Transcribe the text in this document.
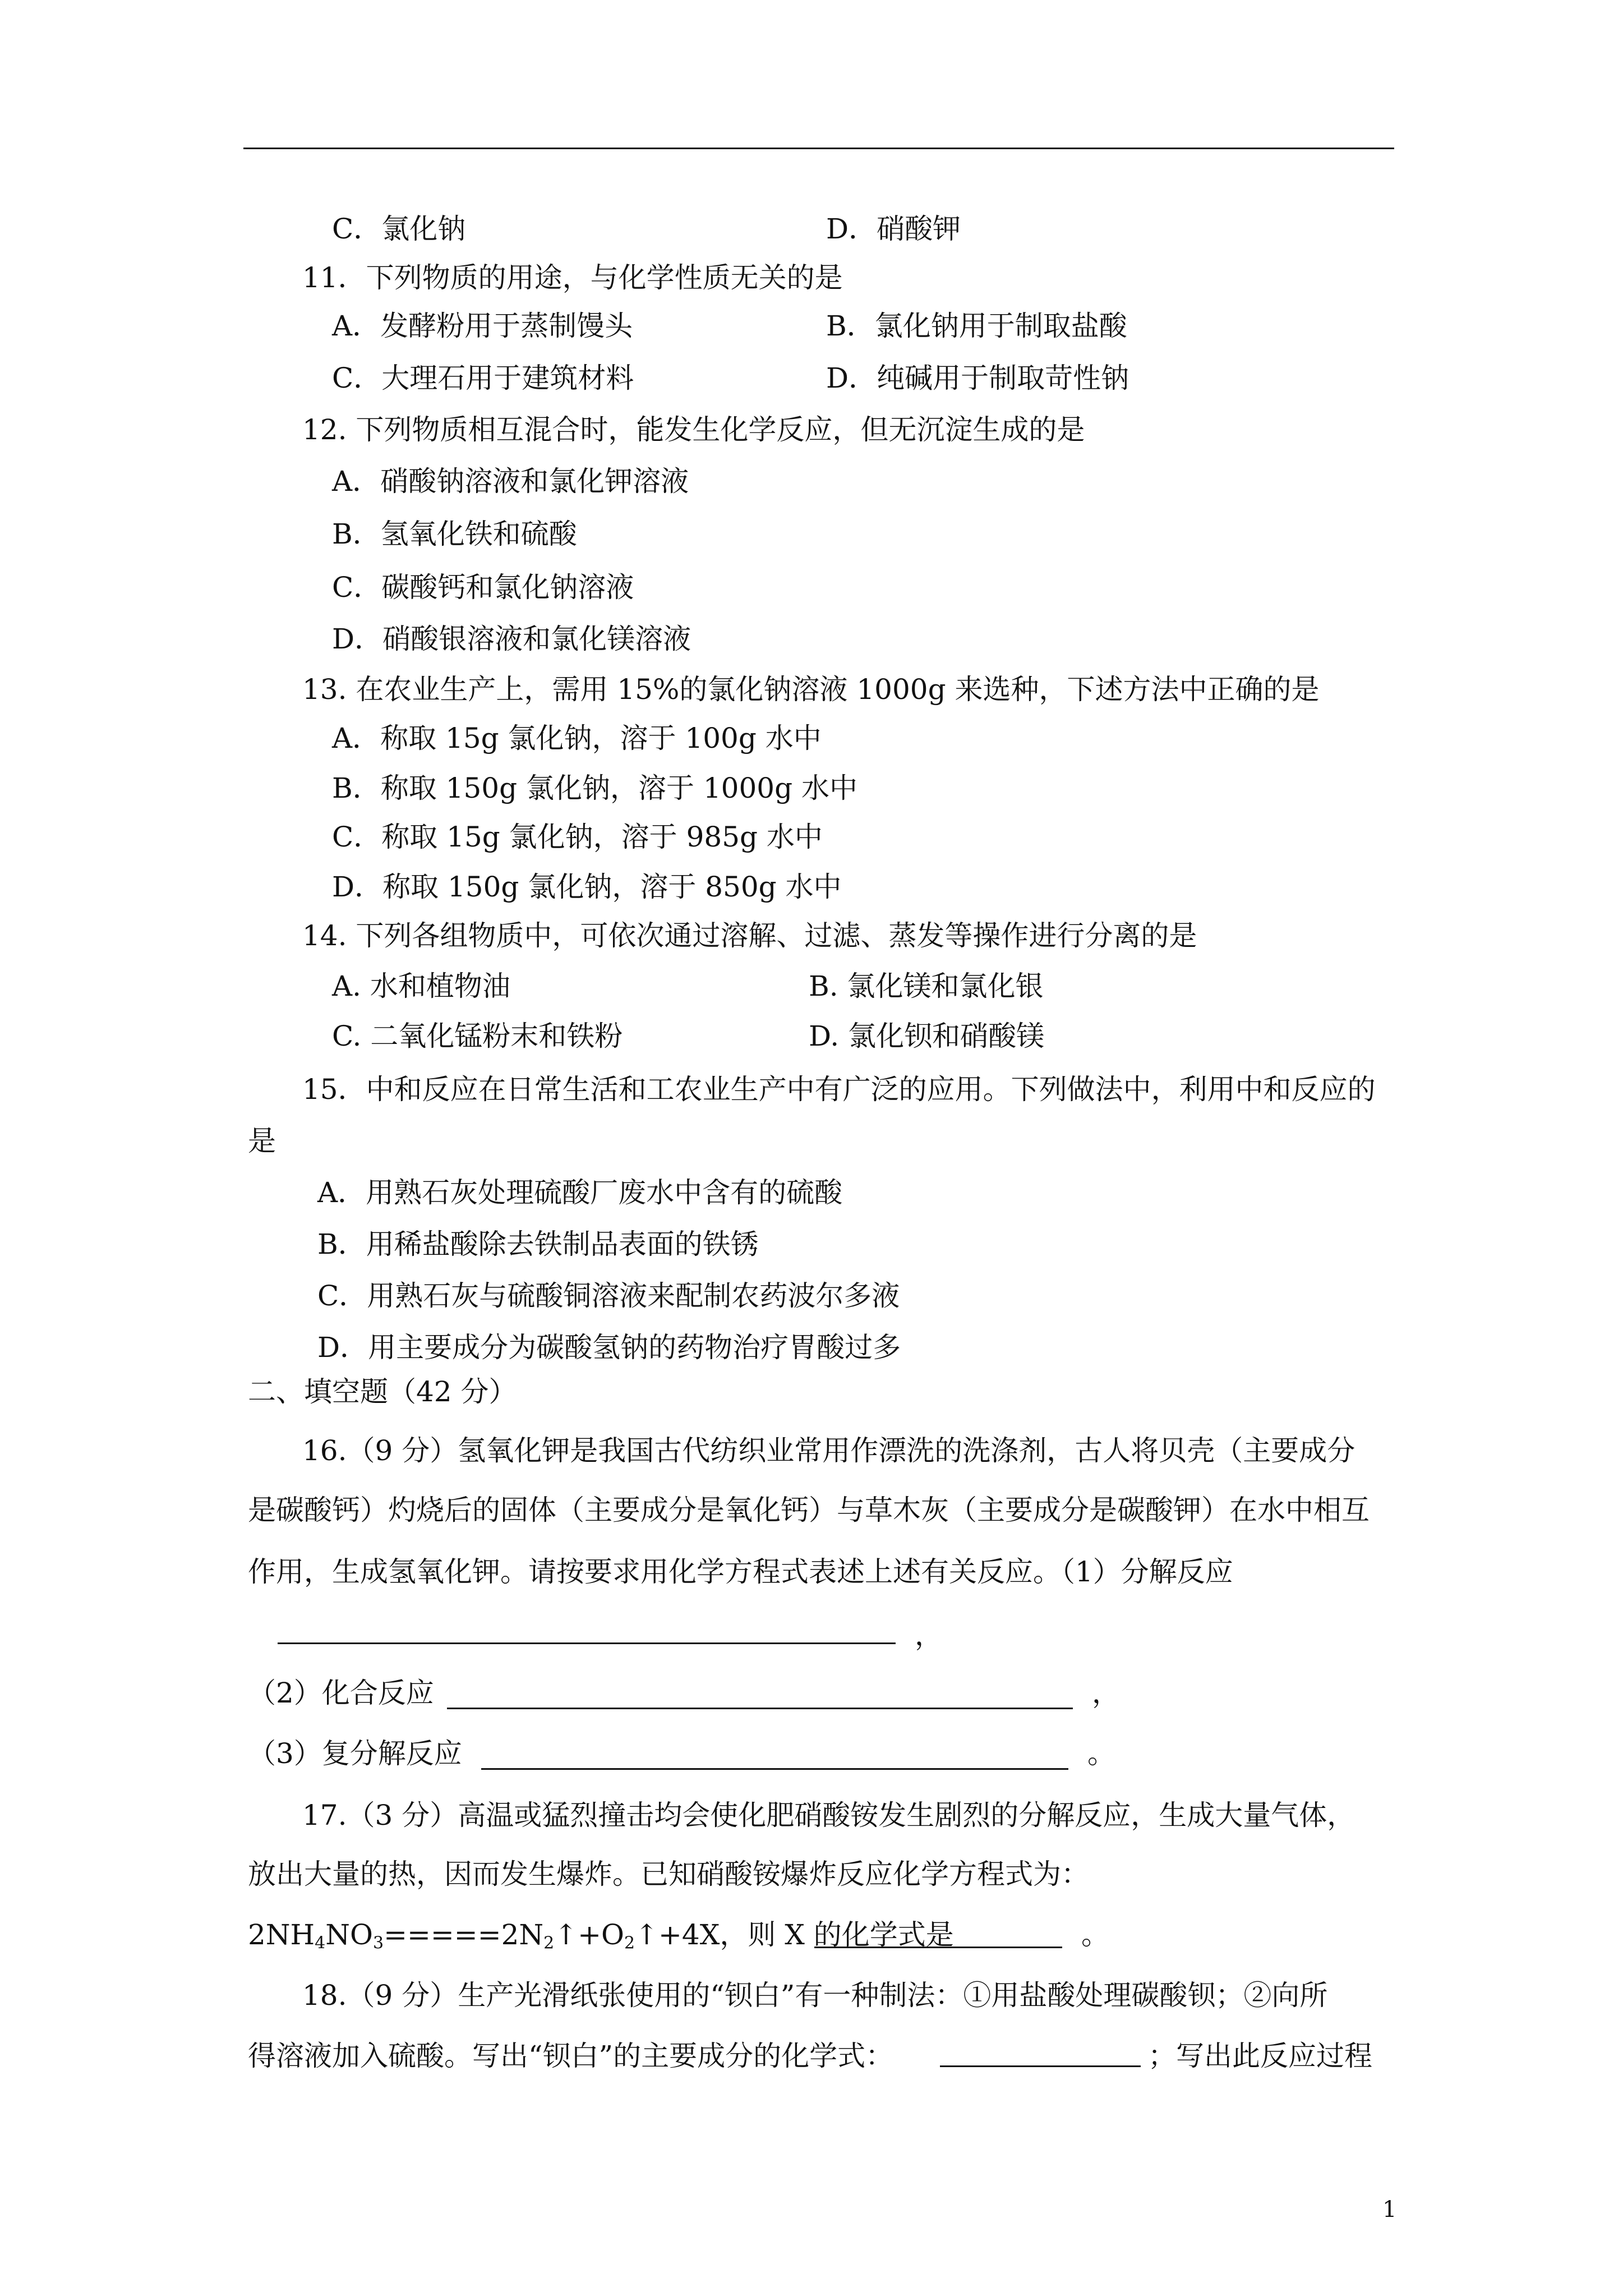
C．氯化钠	D．硝酸钾
11．下列物质的用途，与化学性质无关的是
A．发酵粉用于蒸制馒头	B．氯化钠用于制取盐酸
C．大理石用于建筑材料	D．纯碱用于制取苛性钠
12. 下列物质相互混合时，能发生化学反应，但无沉淀生成的是
A．硝酸钠溶液和氯化钾溶液
B．氢氧化铁和硫酸
C．碳酸钙和氯化钠溶液
D．硝酸银溶液和氯化镁溶液
13. 在农业生产上，需用 15%的氯化钠溶液 1000g 来选种，下述方法中正确的是
A．称取 15g 氯化钠，溶于 100g 水中
B．称取 150g 氯化钠，溶于 1000g 水中
C．称取 15g 氯化钠，溶于 985g 水中
D．称取 150g 氯化钠，溶于 850g 水中
14. 下列各组物质中，可依次通过溶解、过滤、蒸发等操作进行分离的是
A. 水和植物油	B. 氯化镁和氯化银
C. 二氧化锰粉末和铁粉	D. 氯化钡和硝酸镁
15．中和反应在日常生活和工农业生产中有广泛的应用。下列做法中，利用中和反应的
是
A．用熟石灰处理硫酸厂废水中含有的硫酸
B．用稀盐酸除去铁制品表面的铁锈
C．用熟石灰与硫酸铜溶液来配制农药波尔多液
D．用主要成分为碳酸氢钠的药物治疗胃酸过多
二、填空题（42 分）
16.（9 分）氢氧化钾是我国古代纺织业常用作漂洗的洗涤剂，古人将贝壳（主要成分
是碳酸钙）灼烧后的固体（主要成分是氧化钙）与草木灰（主要成分是碳酸钾）在水中相互
作用，生成氢氧化钾。请按要求用化学方程式表述上述有关反应。（1）分解反应
，
（2）化合反应	，
（3）复分解反应	。
17.（3 分）高温或猛烈撞击均会使化肥硝酸铵发生剧烈的分解反应，生成大量气体，
放出大量的热，因而发生爆炸。已知硝酸铵爆炸反应化学方程式为：
$2NH_4NO_3=====2N_2↑+O_2↑+4X$，则 X 的化学式是	。
18.（9 分）生产光滑纸张使用的“钡白”有一种制法：①用盐酸处理碳酸钡；②向所
得溶液加入硫酸。写出“钡白”的主要成分的化学式：	；写出此反应过程
1
